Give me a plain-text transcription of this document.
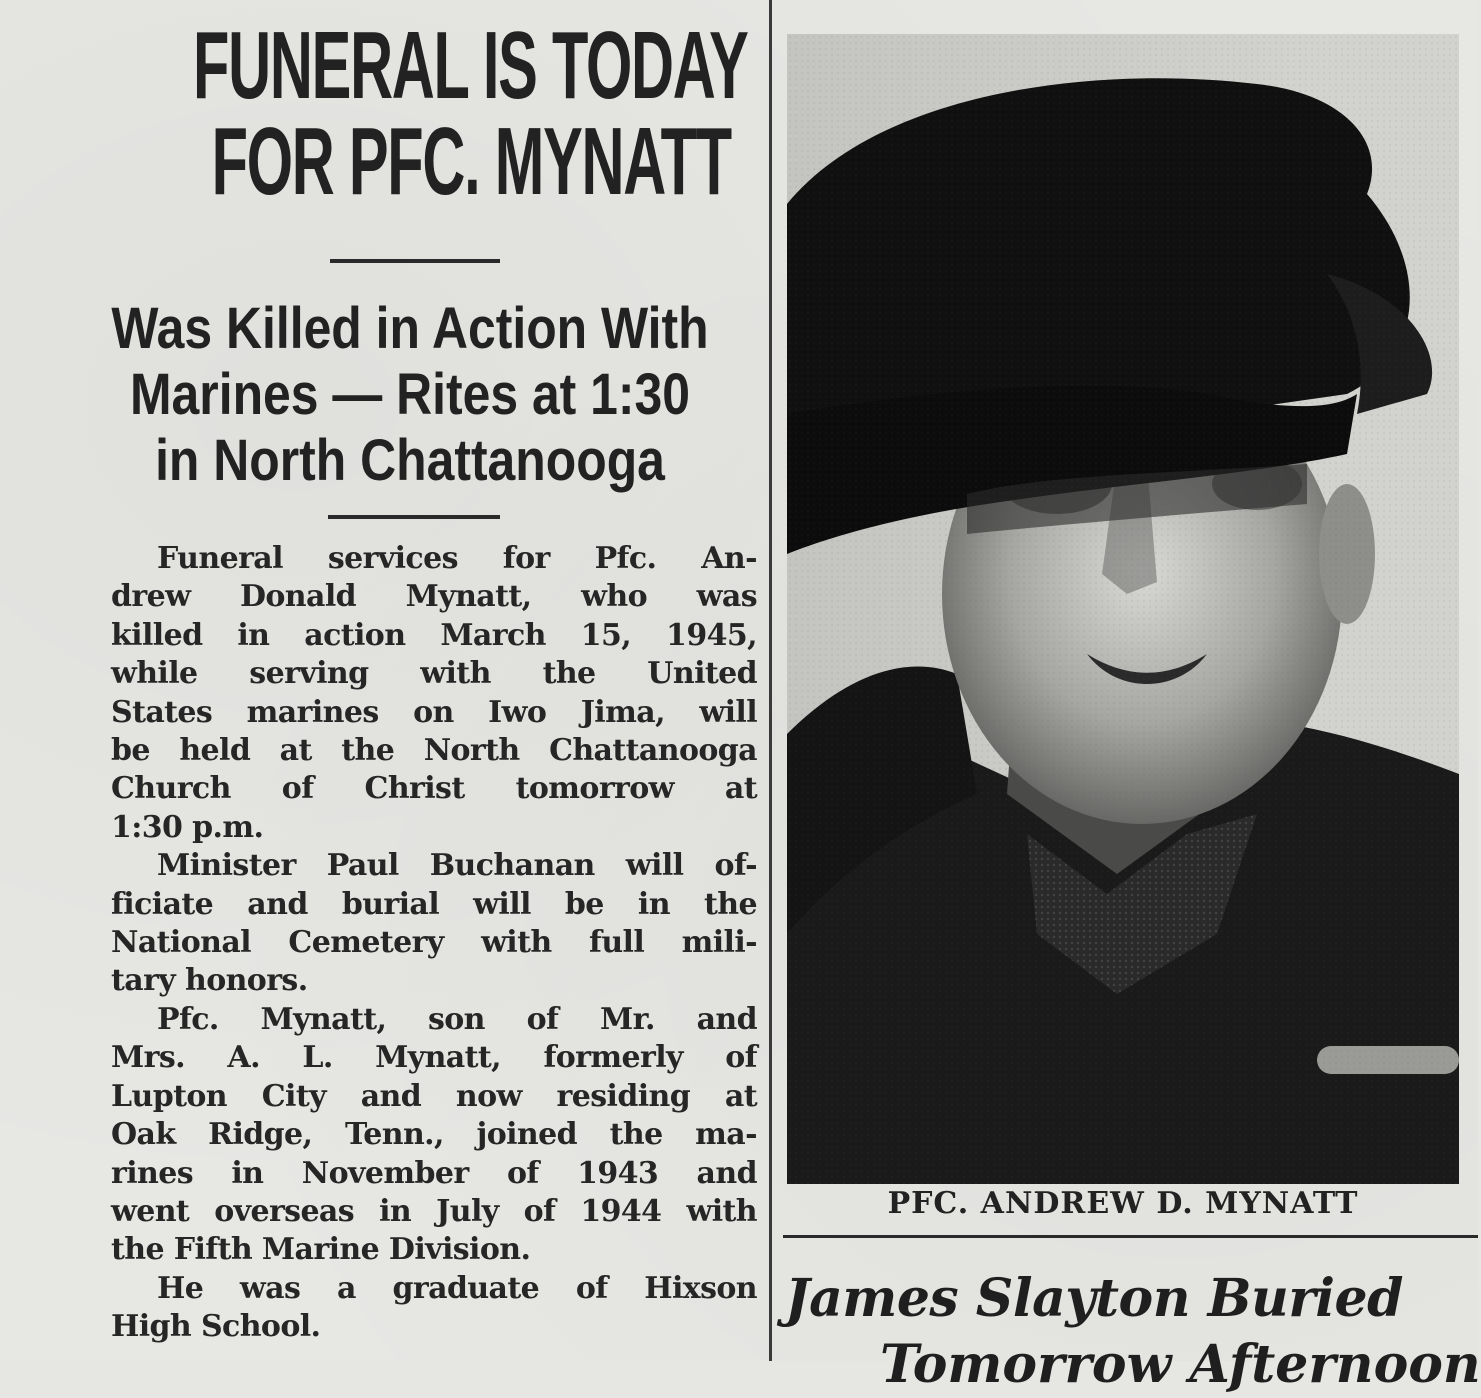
FUNERAL IS TODAY
FOR PFC. MYNATT
Was Killed in Action With
Marines — Rites at 1:30
in North Chattanooga
Funeral services for Pfc. An-
drew Donald Mynatt, who was
killed in action March 15, 1945,
while serving with the United
States marines on Iwo Jima, will
be held at the North Chattanooga
Church of Christ tomorrow at
1:30 p.m.
Minister Paul Buchanan will of-
ficiate and burial will be in the
National Cemetery with full mili-
tary honors.
Pfc. Mynatt, son of Mr. and
Mrs. A. L. Mynatt, formerly of
Lupton City and now residing at
Oak Ridge, Tenn., joined the ma-
rines in November of 1943 and
went overseas in July of 1944 with
the Fifth Marine Division.
He was a graduate of Hixson
High School.
PFC. ANDREW D. MYNATT
James Slayton Buried
Tomorrow Afternoon
